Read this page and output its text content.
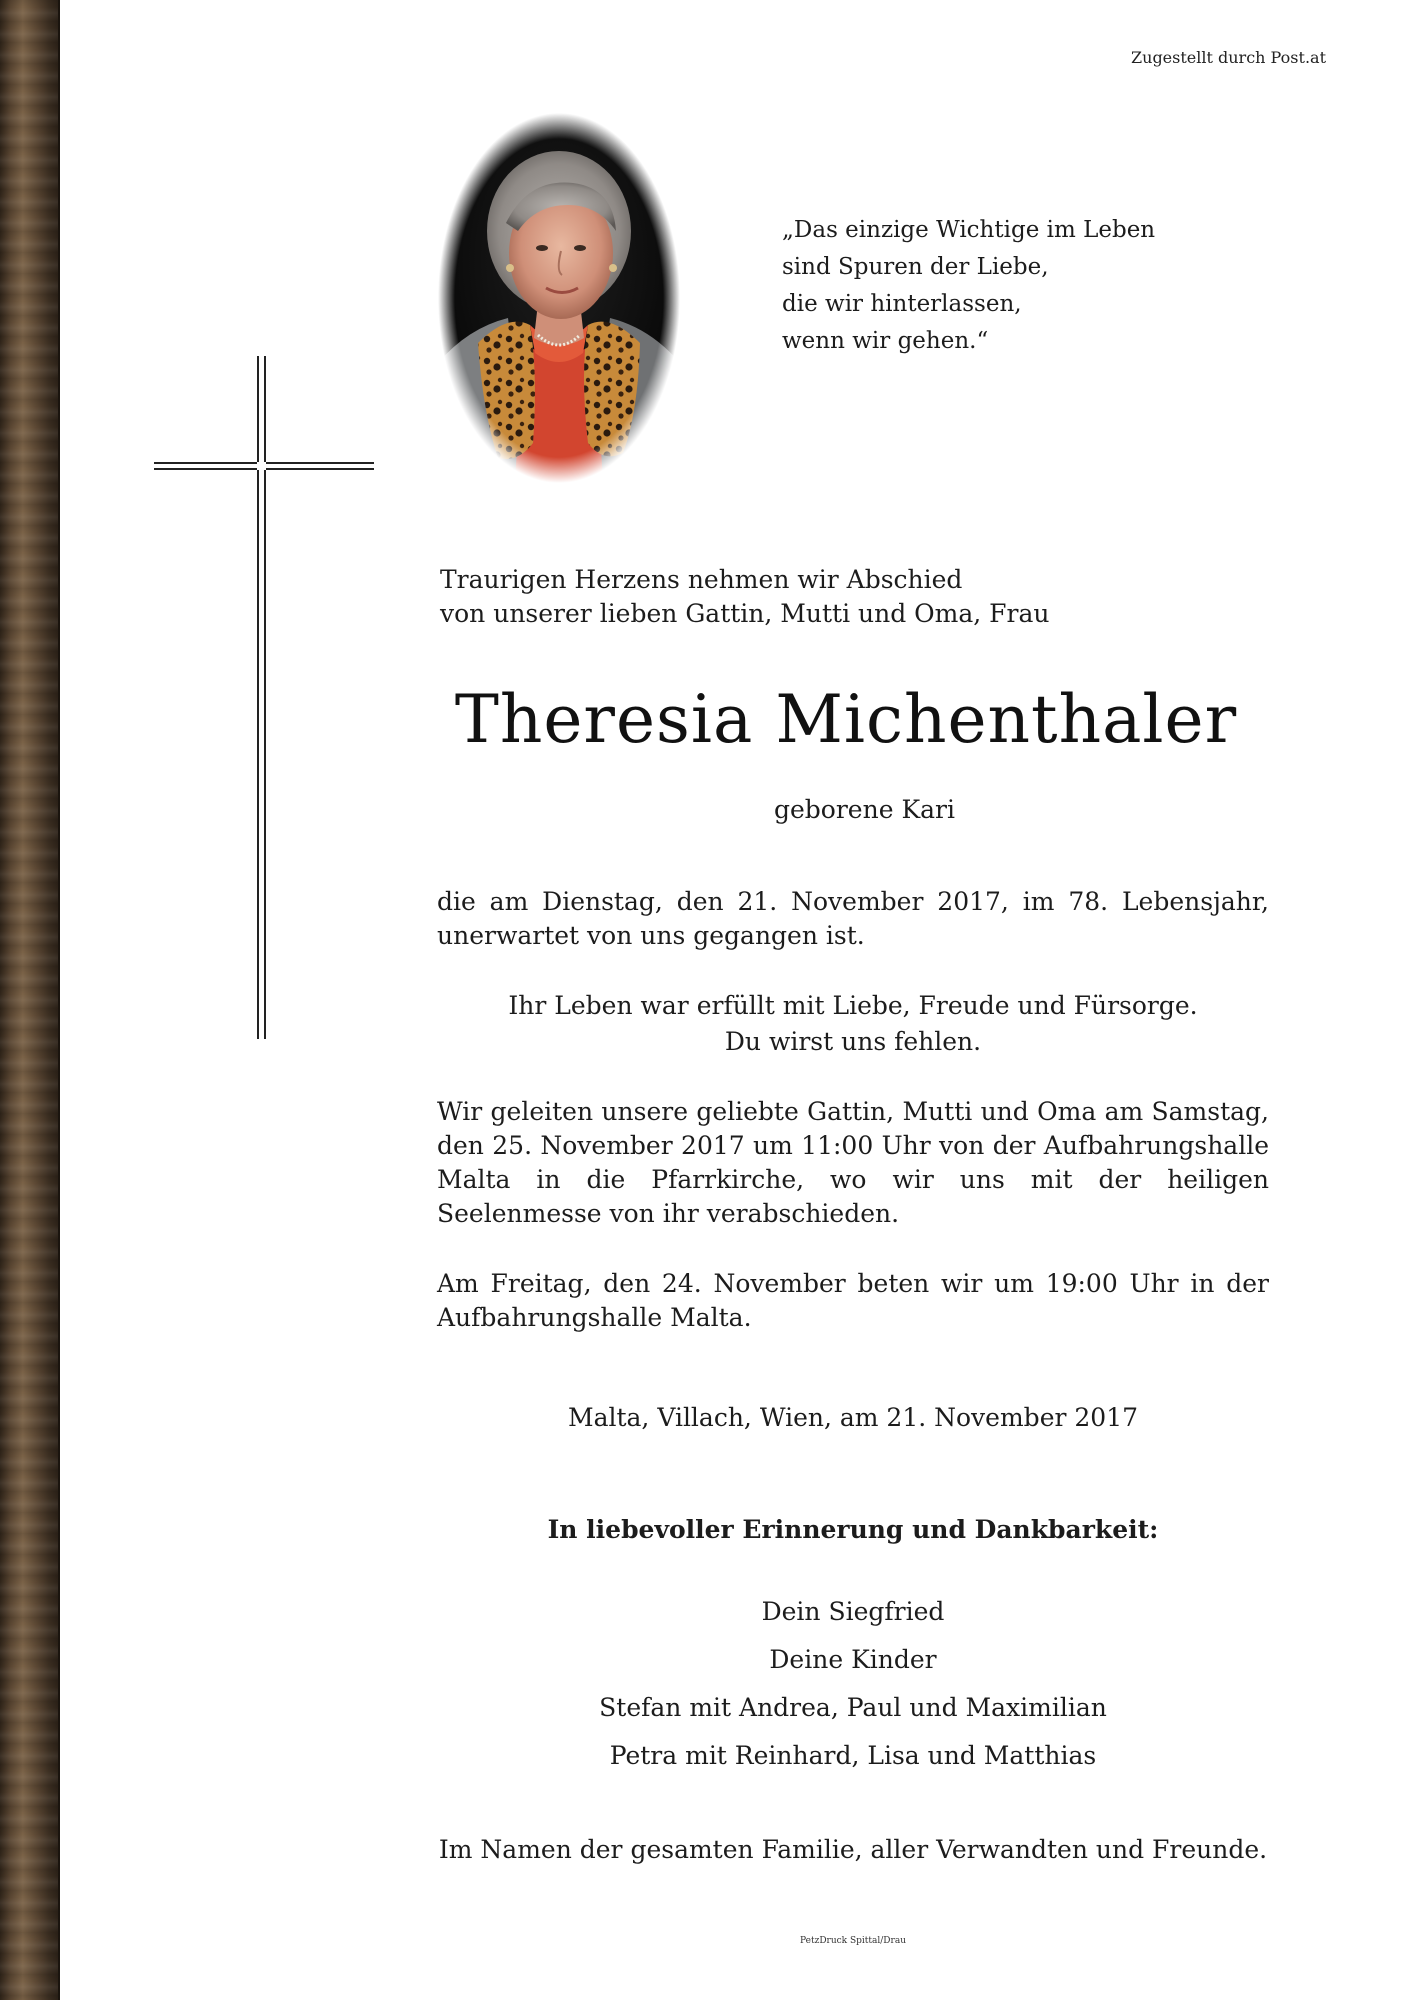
Zugestellt durch Post.at
„Das einzige Wichtige im Leben
sind Spuren der Liebe,
die wir hinterlassen,
wenn wir gehen.“
Traurigen Herzens nehmen wir Abschied
von unserer lieben Gattin, Mutti und Oma, Frau
Theresia Michenthaler
geborene Kari
die am Dienstag, den 21. November 2017, im 78. Lebensjahr, unerwartet von uns gegangen ist.
Ihr Leben war erfüllt mit Liebe, Freude und Fürsorge.
Du wirst uns fehlen.
Wir geleiten unsere geliebte Gattin, Mutti und Oma am Samstag, den 25. November 2017 um 11:00 Uhr von der Aufbahrungshalle Malta in die Pfarrkirche, wo wir uns mit der heiligen Seelenmesse von ihr verabschieden.
Am Freitag, den 24. November beten wir um 19:00 Uhr in der Aufbahrungshalle Malta.
Malta, Villach, Wien, am 21. November 2017
In liebevoller Erinnerung und Dankbarkeit:
Dein Siegfried
Deine Kinder
Stefan mit Andrea, Paul und Maximilian
Petra mit Reinhard, Lisa und Matthias
Im Namen der gesamten Familie, aller Verwandten und Freunde.
PetzDruck Spittal/Drau
